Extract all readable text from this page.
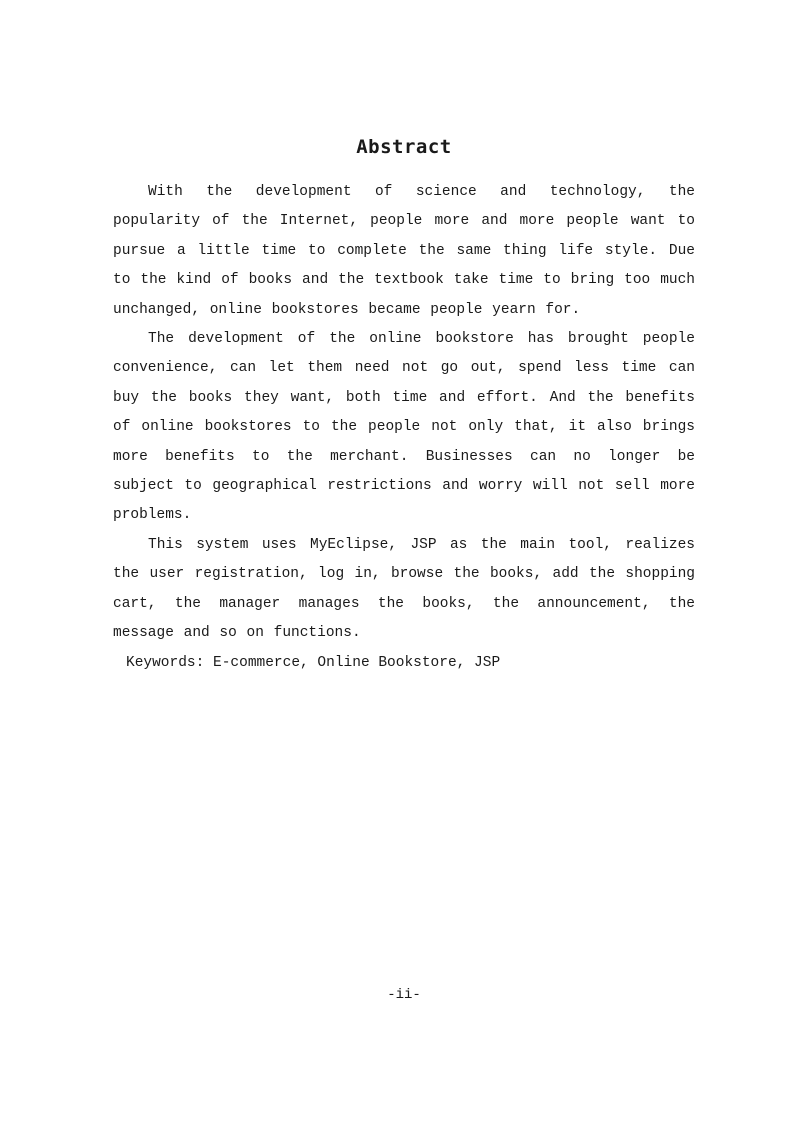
Abstract

With the development of science and technology, the popularity of the Internet, people more and more people want to pursue a little time to complete the same thing life style. Due to the kind of books and the textbook take time to bring too much unchanged, online bookstores became people yearn for.

The development of the online bookstore has brought people convenience, can let them need not go out, spend less time can buy the books they want, both time and effort. And the benefits of online bookstores to the people not only that, it also brings more benefits to the merchant. Businesses can no longer be subject to geographical restrictions and worry will not sell more problems.

This system uses MyEclipse, JSP as the main tool, realizes the user registration, log in, browse the books, add the shopping cart, the manager manages the books, the announcement, the message and so on functions.

Keywords: E-commerce, Online Bookstore, JSP

-ii-
